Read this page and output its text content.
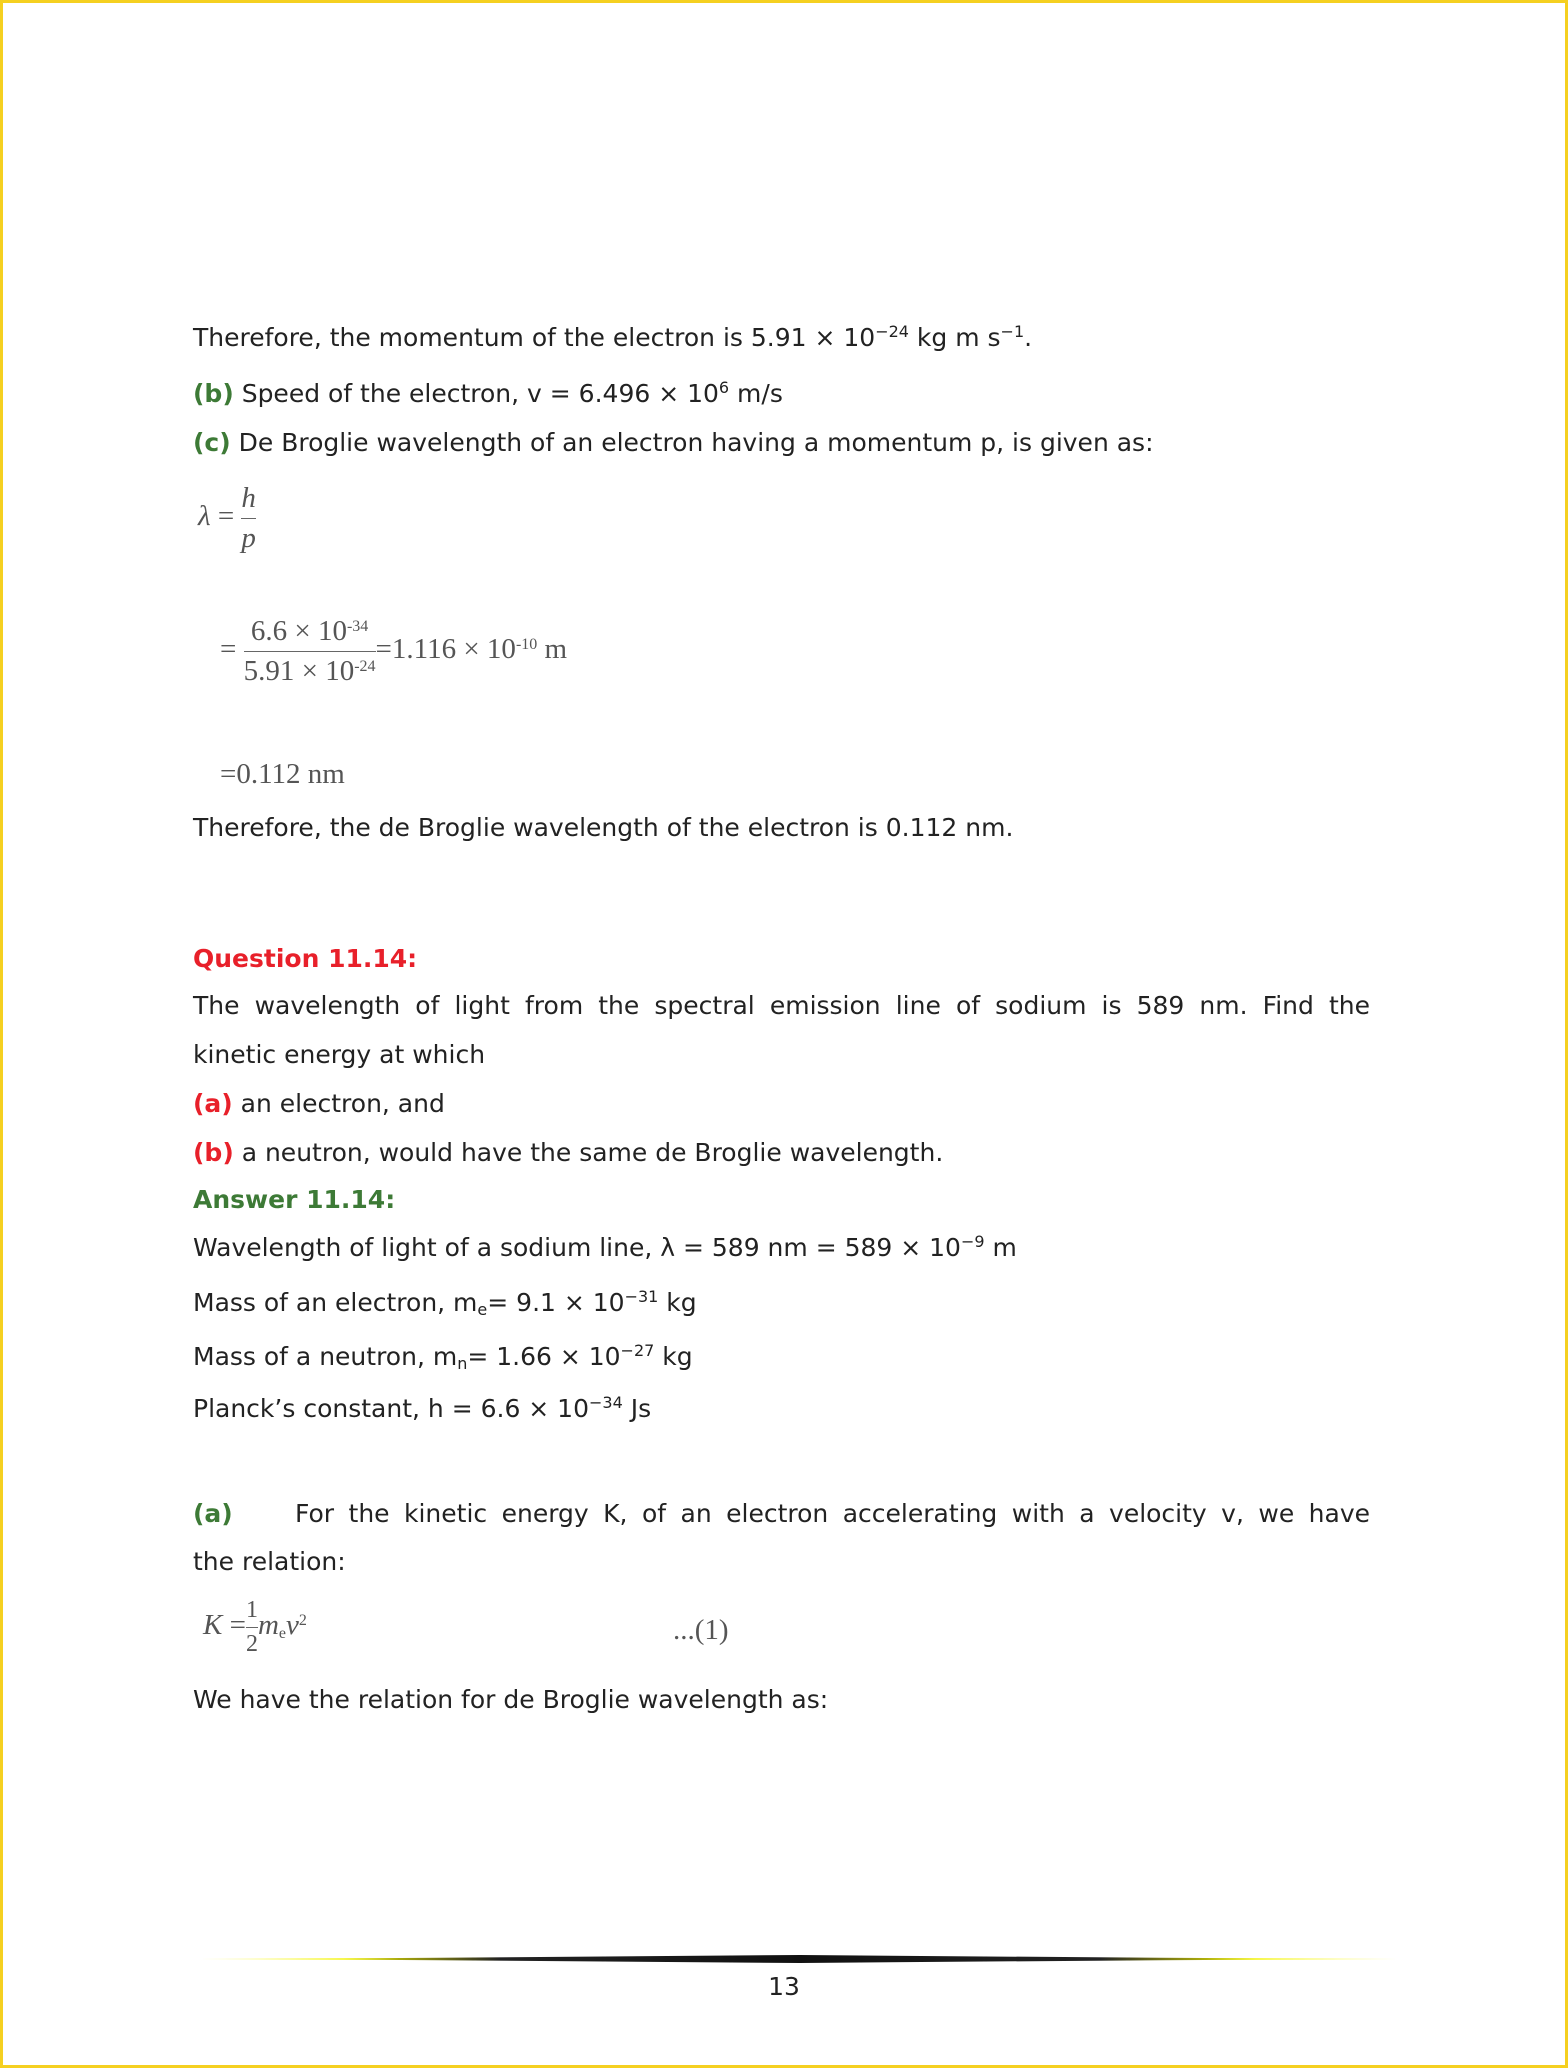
Therefore, the momentum of the electron is $5.91 \times 10^{-24}$ kg m $s^{-1}$.
(b) Speed of the electron, $v = 6.496 \times 10^6$ m/s
(c) De Broglie wavelength of an electron having a momentum p, is given as:
$\lambda = \frac{h}{p}$
= $\frac{6.6 \times 10^{-34}}{5.91 \times 10^{-24}} =1.116 \times 10^{-10}$ m
=0.112 nm
Therefore, the de Broglie wavelength of the electron is 0.112 nm.
Question 11.14:
The wavelength of light from the spectral emission line of sodium is 589 nm. Find the
kinetic energy at which
(a) an electron, and
(b) a neutron, would have the same de Broglie wavelength.
Answer 11.14:
Wavelength of light of a sodium line, λ = 589 nm = $589 \times 10^{-9}$ m
Mass of an electron, $m_e= 9.1 \times 10^{-31}$ kg
Mass of a neutron, $m_n= 1.66 \times 10^{-27}$ kg
Planck’s constant, $h = 6.6 \times 10^{-34}$ Js
(a)	For the kinetic energy K, of an electron accelerating with a velocity v, we have
the relation:
$K = \frac{1}{2} m_ev^2$	...(1)
We have the relation for de Broglie wavelength as:
13
